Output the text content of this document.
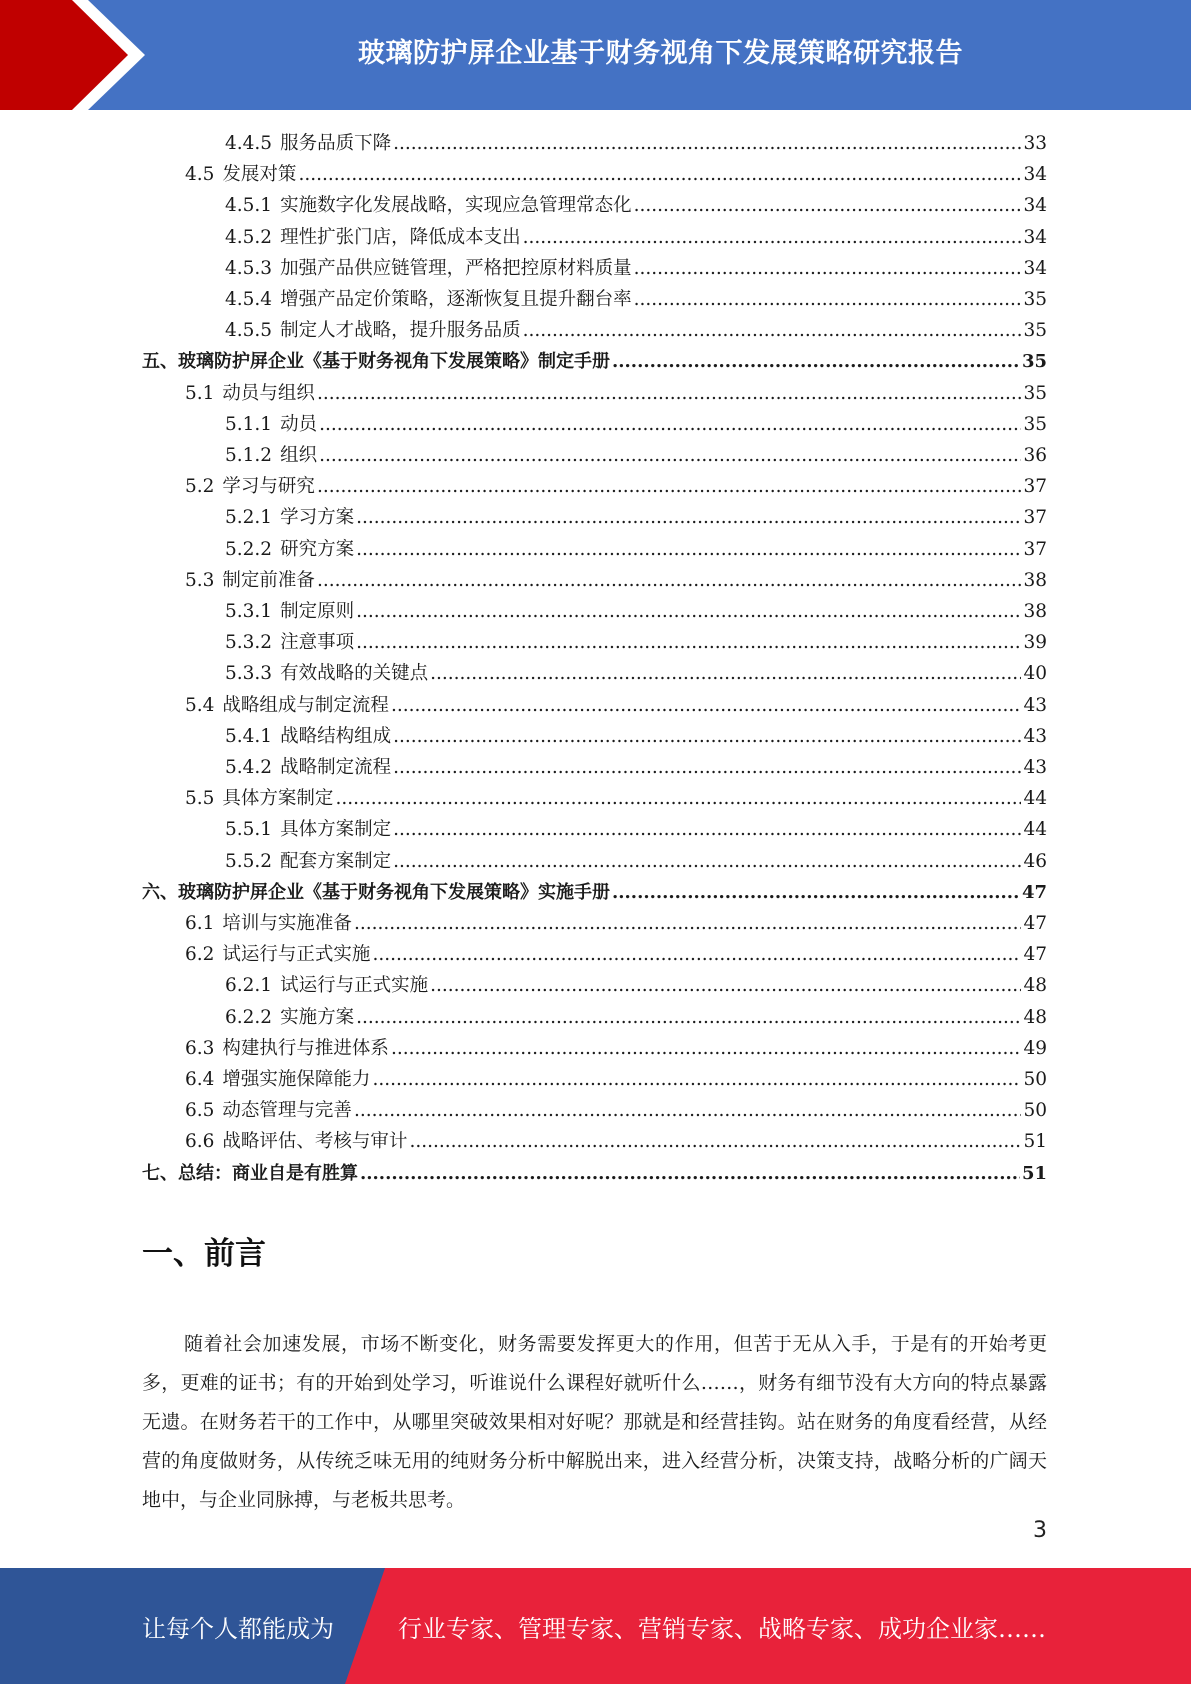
玻璃防护屏企业基于财务视角下发展策略研究报告
4.4.5 服务品质下降 .....	33
4.5 发展对策 .....	34
4.5.1 实施数字化发展战略，实现应急管理常态化 .....	34
4.5.2 理性扩张门店，降低成本支出 .....	34
4.5.3 加强产品供应链管理，严格把控原材料质量 .....	34
4.5.4 增强产品定价策略，逐渐恢复且提升翻台率 .....	35
4.5.5 制定人才战略，提升服务品质 .....	35
五、玻璃防护屏企业《基于财务视角下发展策略》制定手册 .....	35
5.1 动员与组织 .....	35
5.1.1 动员 .....	35
5.1.2 组织 .....	36
5.2 学习与研究 .....	37
5.2.1 学习方案 .....	37
5.2.2 研究方案 .....	37
5.3 制定前准备 .....	38
5.3.1 制定原则 .....	38
5.3.2 注意事项 .....	39
5.3.3 有效战略的关键点 .....	40
5.4 战略组成与制定流程 .....	43
5.4.1 战略结构组成 .....	43
5.4.2 战略制定流程 .....	43
5.5 具体方案制定 .....	44
5.5.1 具体方案制定 .....	44
5.5.2 配套方案制定 .....	46
六、玻璃防护屏企业《基于财务视角下发展策略》实施手册 .....	47
6.1 培训与实施准备 .....	47
6.2 试运行与正式实施 .....	47
6.2.1 试运行与正式实施 .....	48
6.2.2 实施方案 .....	48
6.3 构建执行与推进体系 .....	49
6.4 增强实施保障能力 .....	50
6.5 动态管理与完善 .....	50
6.6 战略评估、考核与审计 .....	51
七、总结：商业自是有胜算 .....	51
一、前言
随着社会加速发展，市场不断变化，财务需要发挥更大的作用，但苦于无从入手，于是有的开始考更多，更难的证书；有的开始到处学习，听谁说什么课程好就听什么……，财务有细节没有大方向的特点暴露无遗。在财务若干的工作中，从哪里突破效果相对好呢？那就是和经营挂钩。站在财务的角度看经营，从经营的角度做财务，从传统乏味无用的纯财务分析中解脱出来，进入经营分析，决策支持，战略分析的广阔天地中，与企业同脉搏，与老板共思考。
3
让每个人都能成为	行业专家、管理专家、营销专家、战略专家、成功企业家……
